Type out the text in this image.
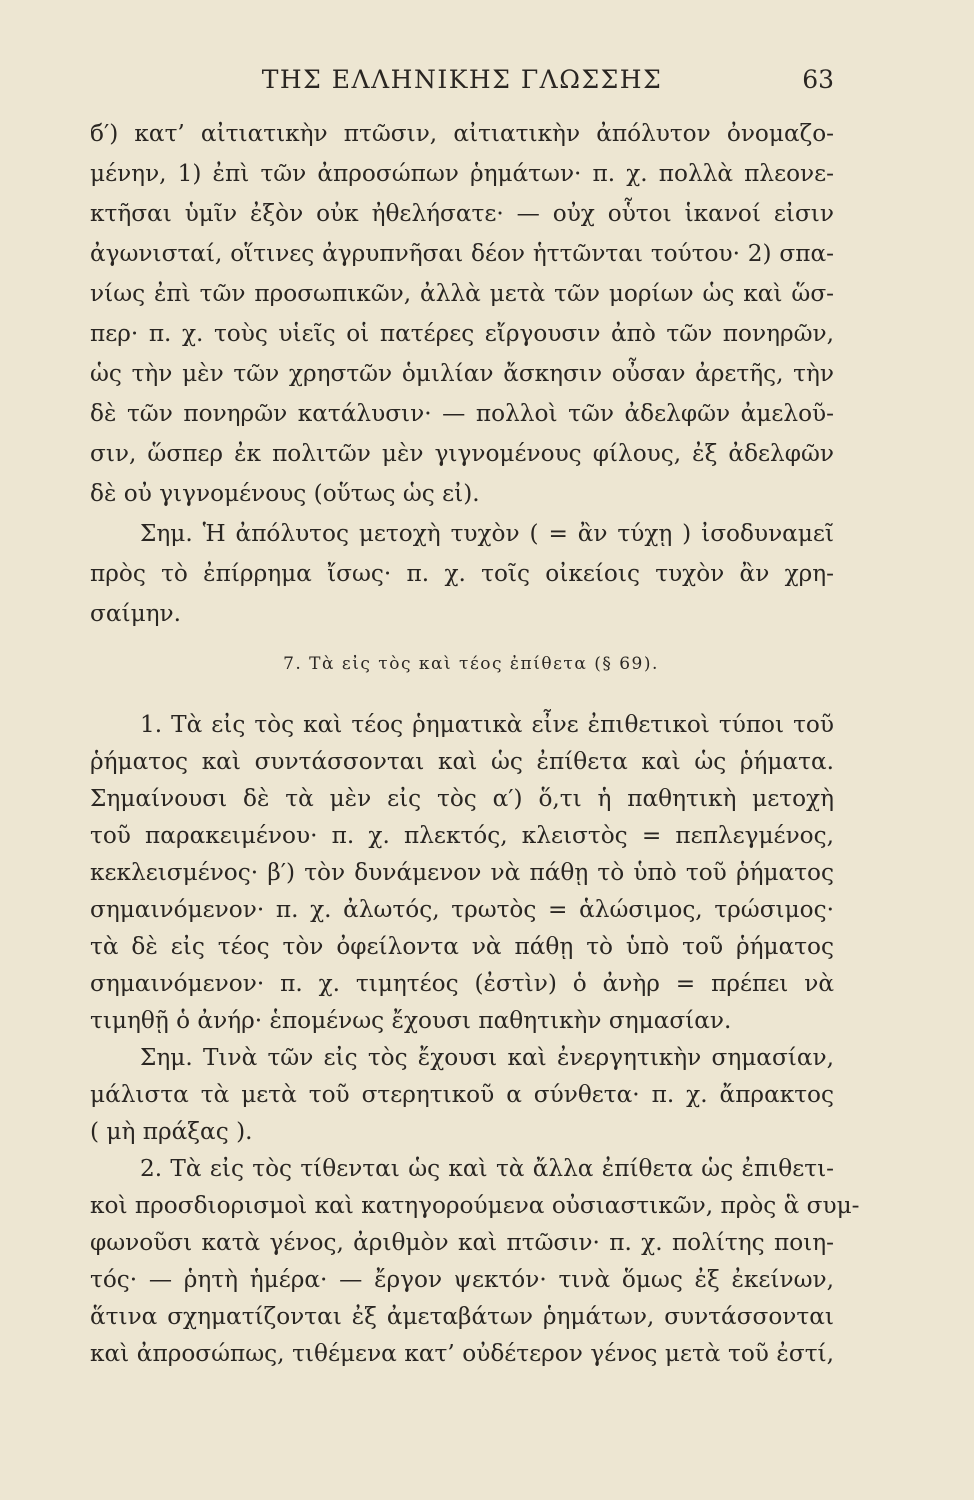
ΤΗΣ ΕΛΛΗΝΙΚΗΣ ΓΛΩΣΣΗΣ	63
б′) κατ’ αἰτιατικὴν πτῶσιν, αἰτιατικὴν ἀπόλυτον ὀνομαζο-
μένην, 1) ἐπὶ τῶν ἀπροσώπων ῥημάτων· π. χ. πολλὰ πλεονε-
κτῆσαι ὑμῖν ἐξὸν οὐκ ἠθελήσατε· — οὐχ οὗτοι ἱκανοί εἰσιν
ἀγωνισταί, οἵτινες ἀγρυπνῆσαι δέον ἡττῶνται τούτου· 2) σπα-
νίως ἐπὶ τῶν προσωπικῶν, ἀλλὰ μετὰ τῶν μορίων ὡς καὶ ὥσ-
περ· π. χ. τοὺς υἱεῖς οἱ πατέρες εἴργουσιν ἀπὸ τῶν πονηρῶν,
ὡς τὴν μὲν τῶν χρηστῶν ὁμιλίαν ἄσκησιν οὖσαν ἀρετῆς, τὴν
δὲ τῶν πονηρῶν κατάλυσιν· — πολλοὶ τῶν ἀδελφῶν ἀμελοῦ-
σιν, ὥσπερ ἐκ πολιτῶν μὲν γιγνομένους φίλους, ἐξ ἀδελφῶν
δὲ οὐ γιγνομένους (οὕτως ὡς εἰ).
Σημ. Ἡ ἀπόλυτος μετοχὴ τυχὸν ( = ἂν τύχῃ ) ἰσοδυναμεῖ
πρὸς τὸ ἐπίρρημα ἴσως· π. χ. τοῖς οἰκείοις τυχὸν ἂν χρη-
σαίμην.
7. Τὰ εἰς τὸς καὶ τέος ἐπίθετα (§ 69).
1. Τὰ εἰς τὸς καὶ τέος ῥηματικὰ εἶνε ἐπιθετικοὶ τύποι τοῦ
ῥήματος καὶ συντάσσονται καὶ ὡς ἐπίθετα καὶ ὡς ῥήματα.
Σημαίνουσι δὲ τὰ μὲν εἰς τὸς α′) ὅ,τι ἡ παθητικὴ μετοχὴ
τοῦ παρακειμένου· π. χ. πλεκτός, κλειστὸς = πεπλεγμένος,
κεκλεισμένος· β′) τὸν δυνάμενον νὰ πάθῃ τὸ ὑπὸ τοῦ ῥήματος
σημαινόμενον· π. χ. ἀλωτός, τρωτὸς = ἁλώσιμος, τρώσιμος·
τὰ δὲ εἰς τέος τὸν ὀφείλοντα νὰ πάθῃ τὸ ὑπὸ τοῦ ῥήματος
σημαινόμενον· π. χ. τιμητέος (ἐστὶν) ὁ ἀνὴρ = πρέπει νὰ
τιμηθῇ ὁ ἀνήρ· ἑπομένως ἔχουσι παθητικὴν σημασίαν.
Σημ. Τινὰ τῶν εἰς τὸς ἔχουσι καὶ ἐνεργητικὴν σημασίαν,
μάλιστα τὰ μετὰ τοῦ στερητικοῦ α σύνθετα· π. χ. ἄπρακτος
( μὴ πράξας ).
2. Τὰ εἰς τὸς τίθενται ὡς καὶ τὰ ἄλλα ἐπίθετα ὡς ἐπιθετι-
κοὶ προσδιορισμοὶ καὶ κατηγορούμενα οὐσιαστικῶν, πρὸς ἃ συμ-
φωνοῦσι κατὰ γένος, ἀριθμὸν καὶ πτῶσιν· π. χ. πολίτης ποιη-
τός· — ῥητὴ ἡμέρα· — ἔργον ψεκτόν· τινὰ ὅμως ἐξ ἐκείνων,
ἅτινα σχηματίζονται ἐξ ἀμεταβάτων ῥημάτων, συντάσσονται
καὶ ἀπροσώπως, τιθέμενα κατ’ οὐδέτερον γένος μετὰ τοῦ ἐστί,
